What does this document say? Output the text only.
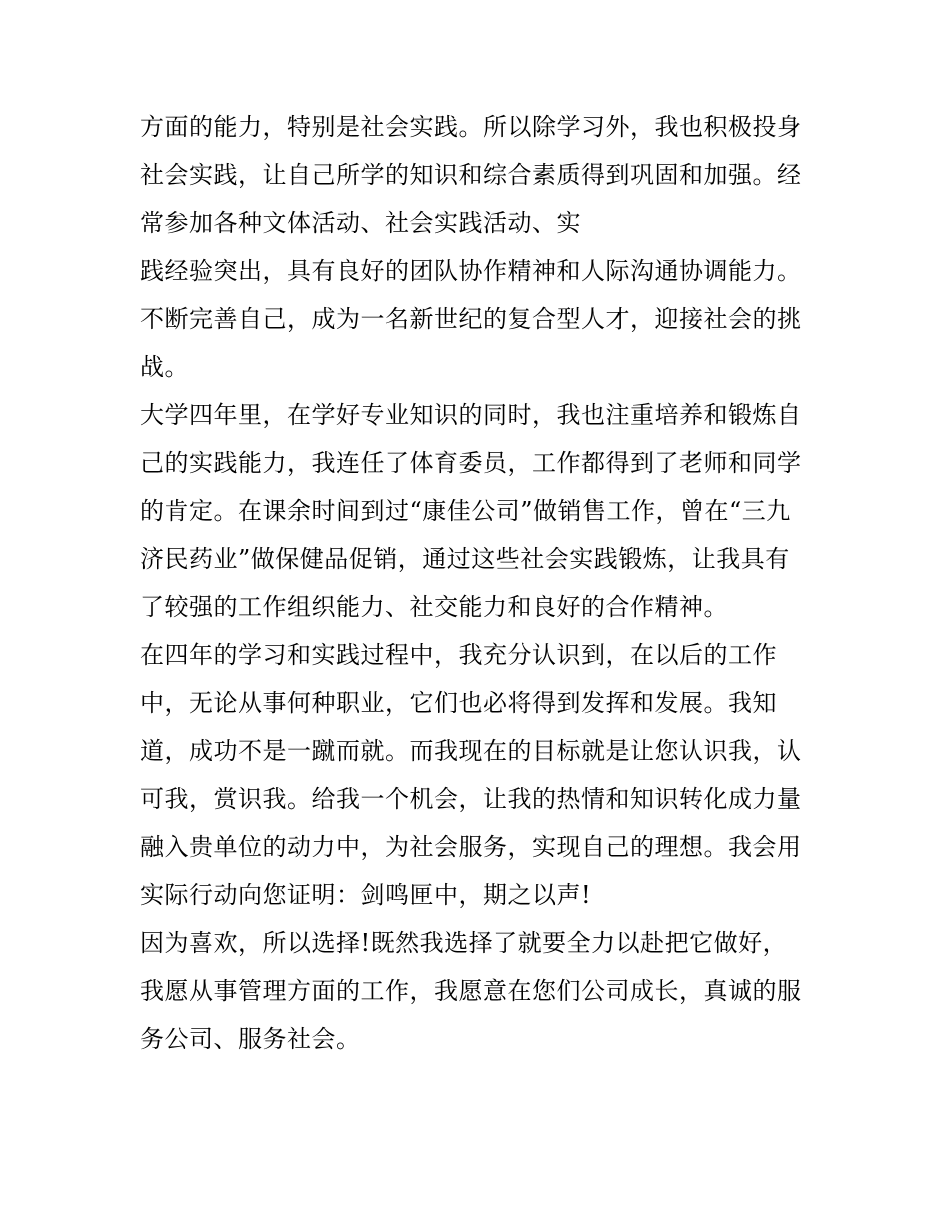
方面的能力，特别是社会实践。所以除学习外，我也积极投身
社会实践，让自己所学的知识和综合素质得到巩固和加强。经
常参加各种文体活动、社会实践活动、实
践经验突出，具有良好的团队协作精神和人际沟通协调能力。
不断完善自己，成为一名新世纪的复合型人才，迎接社会的挑
战。
大学四年里，在学好专业知识的同时，我也注重培养和锻炼自
己的实践能力，我连任了体育委员，工作都得到了老师和同学
的肯定。在课余时间到过“康佳公司”做销售工作，曾在“三九
济民药业”做保健品促销，通过这些社会实践锻炼，让我具有
了较强的工作组织能力、社交能力和良好的合作精神。
在四年的学习和实践过程中，我充分认识到，在以后的工作
中，无论从事何种职业，它们也必将得到发挥和发展。我知
道，成功不是一蹴而就。而我现在的目标就是让您认识我，认
可我，赏识我。给我一个机会，让我的热情和知识转化成力量
融入贵单位的动力中，为社会服务，实现自己的理想。我会用
实际行动向您证明：剑鸣匣中，期之以声!
因为喜欢，所以选择!既然我选择了就要全力以赴把它做好，
我愿从事管理方面的工作，我愿意在您们公司成长，真诚的服
务公司、服务社会。
